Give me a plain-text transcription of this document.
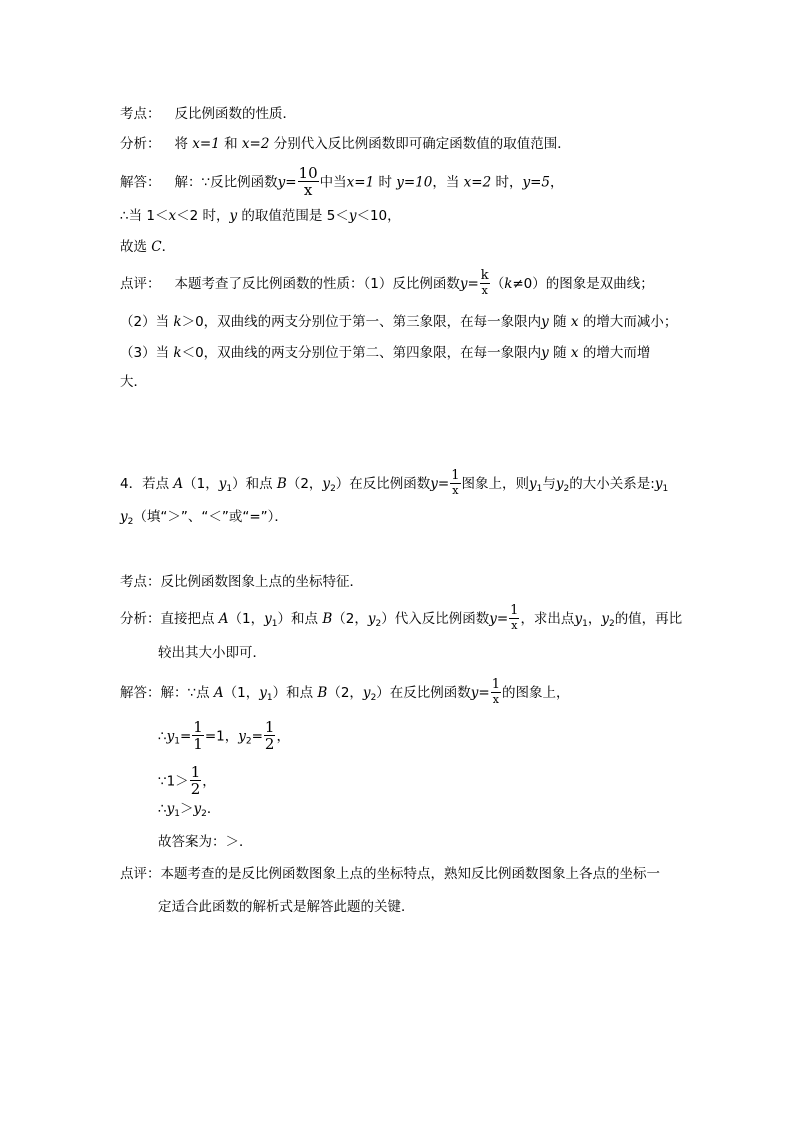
考点： 反比例函数的性质．
分析： 将 x=1 和 x=2 分别代入反比例函数即可确定函数值的取值范围．
解答： 解：∵反比例函数$y= \frac{10}{x}$ 中当x=1 时 y=10，当 x=2 时，y=5，
∴当 1＜x＜2 时，y 的取值范围是 5＜y＜10，
故选 C．
点评： 本题考查了反比例函数的性质：（1）反比例函数$y= \frac{k}{x} (k\ne 0)$的图象是双曲线；
（2）当 k＞0，双曲线的两支分别位于第一、第三象限，在每一象限内y 随 x 的增大而减小；
（3）当 k＜0，双曲线的两支分别位于第二、第四象限，在每一象限内y 随 x 的增大而增
大．
4．若点 A（1，$y_1$）和点 B（2，$y_2$）在反比例函数$y= \frac{1}{x}$ 图象上，则$y_1$与$y_2$的大小关系是$:y_1$
$y_2$（填“＞”、“＜”或“=”）．
考点：反比例函数图象上点的坐标特征．
分析：直接把点 A（1，$y_1$）和点 B（2，$y_2$）代入反比例函数$y= \frac{1}{x}$ ，求出点$y_1$，$y_2$的值，再比
较出其大小即可．
解答：解：∵点 A（1，$y_1$）和点 B（2，$y_2$）在反比例函数$y= \frac{1}{x}$ 的图象上，
$\therefore y_1= \frac{1}{1} =1$，$y_2= \frac{1}{2}$ ，
∵1＞ $\frac{1}{2}$ ，
$\therefore y_1>y_2$．
故答案为：＞．
点评：本题考查的是反比例函数图象上点的坐标特点，熟知反比例函数图象上各点的坐标一
定适合此函数的解析式是解答此题的关键．
